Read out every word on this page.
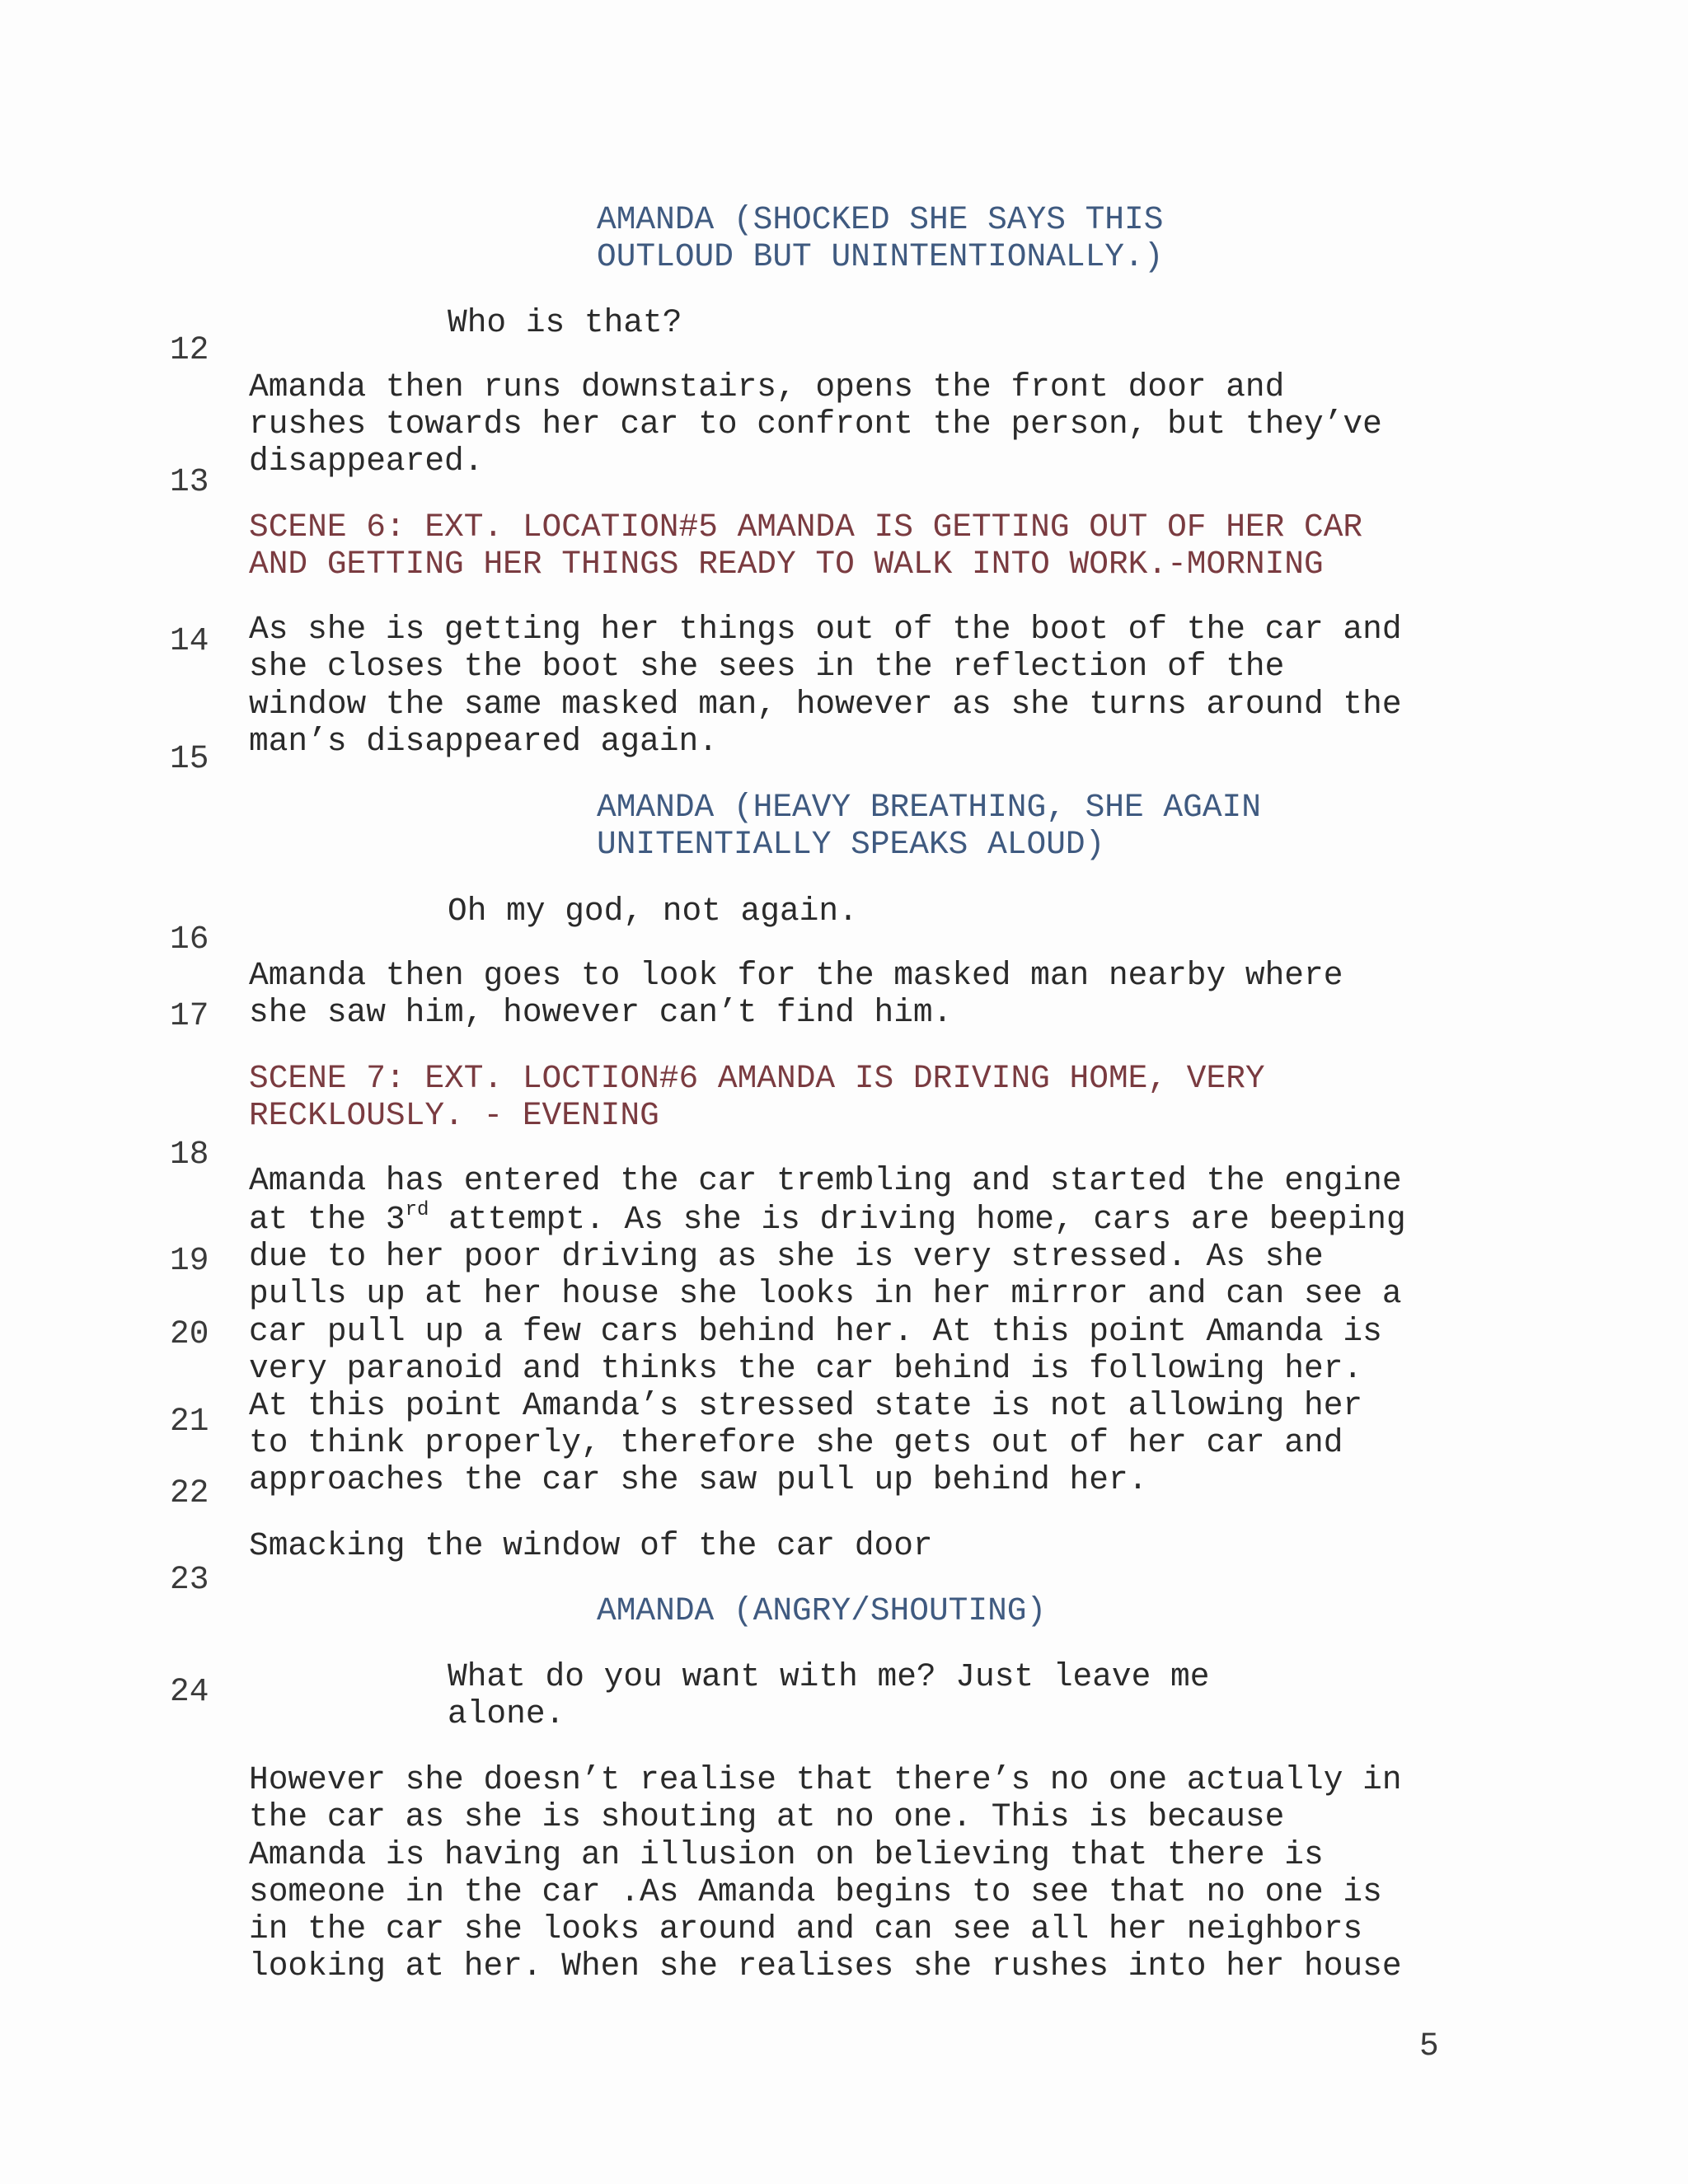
12
13
14
15
16
17
18
19
20
21
22
23
24
AMANDA (SHOCKED SHE SAYS THIS
OUTLOUD BUT UNINTENTIONALLY.)
Who is that?
Amanda then runs downstairs, opens the front door and
rushes towards her car to confront the person, but they’ve
disappeared.
SCENE 6: EXT. LOCATION#5 AMANDA IS GETTING OUT OF HER CAR
AND GETTING HER THINGS READY TO WALK INTO WORK.-MORNING
As she is getting her things out of the boot of the car and
she closes the boot she sees in the reflection of the
window the same masked man, however as she turns around the
man’s disappeared again.
AMANDA (HEAVY BREATHING, SHE AGAIN
UNITENTIALLY SPEAKS ALOUD)
Oh my god, not again.
Amanda then goes to look for the masked man nearby where
she saw him, however can’t find him.
SCENE 7: EXT. LOCTION#6 AMANDA IS DRIVING HOME, VERY
RECKLOUSLY. - EVENING
Amanda has entered the car trembling and started the engine
at the 3rd attempt. As she is driving home, cars are beeping
due to her poor driving as she is very stressed. As she
pulls up at her house she looks in her mirror and can see a
car pull up a few cars behind her. At this point Amanda is
very paranoid and thinks the car behind is following her.
At this point Amanda’s stressed state is not allowing her
to think properly, therefore she gets out of her car and
approaches the car she saw pull up behind her.
Smacking the window of the car door
AMANDA (ANGRY/SHOUTING)
What do you want with me? Just leave me
alone.
However she doesn’t realise that there’s no one actually in
the car as she is shouting at no one. This is because
Amanda is having an illusion on believing that there is
someone in the car .As Amanda begins to see that no one is
in the car she looks around and can see all her neighbors
looking at her. When she realises she rushes into her house
5
